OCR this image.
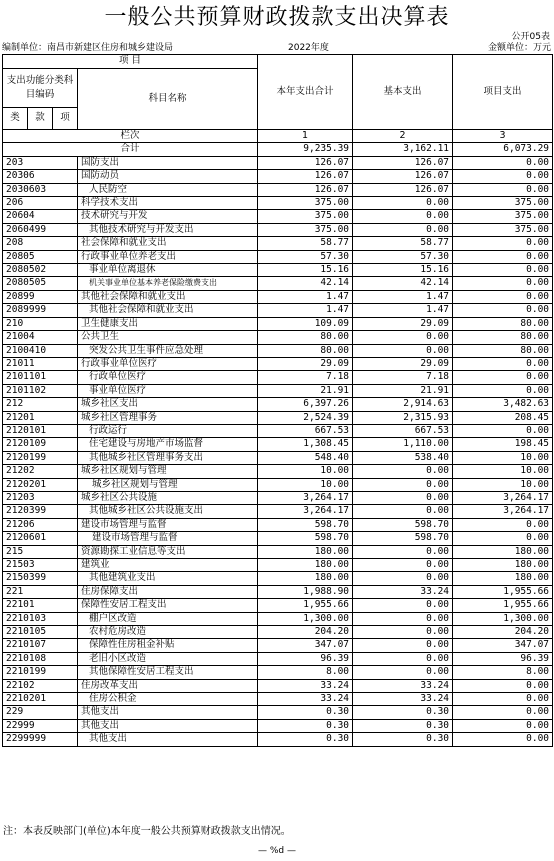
一般公共预算财政拨款支出决算表
公开05表
编制单位：南昌市新建区住房和城乡建设局	2022年度	金额单位：万元
项 目				本年支出合计	基本支出	项目支出
支出功能分类科目编码			科目名称			

类	款	项				
栏次				1	2	3
合计				9,235.39	3,162.11	6,073.29
203			国防支出	126.07	126.07	0.00
20306			国防动员	126.07	126.07	0.00
2030603			人民防空	126.07	126.07	0.00
206			科学技术支出	375.00	0.00	375.00
20604			技术研究与开发	375.00	0.00	375.00
2060499			其他技术研究与开发支出	375.00	0.00	375.00
208			社会保障和就业支出	58.77	58.77	0.00
20805			行政事业单位养老支出	57.30	57.30	0.00
2080502			事业单位离退休	15.16	15.16	0.00
2080505			机关事业单位基本养老保险缴费支出	42.14	42.14	0.00
20899			其他社会保障和就业支出	1.47	1.47	0.00
2089999			其他社会保障和就业支出	1.47	1.47	0.00
210			卫生健康支出	109.09	29.09	80.00
21004			公共卫生	80.00	0.00	80.00
2100410			突发公共卫生事件应急处理	80.00	0.00	80.00
21011			行政事业单位医疗	29.09	29.09	0.00
2101101			行政单位医疗	7.18	7.18	0.00
2101102			事业单位医疗	21.91	21.91	0.00
212			城乡社区支出	6,397.26	2,914.63	3,482.63
21201			城乡社区管理事务	2,524.39	2,315.93	208.45
2120101			行政运行	667.53	667.53	0.00
2120109			住宅建设与房地产市场监督	1,308.45	1,110.00	198.45
2120199			其他城乡社区管理事务支出	548.40	538.40	10.00
21202			城乡社区规划与管理	10.00	0.00	10.00
2120201			城乡社区规划与管理	10.00	0.00	10.00
21203			城乡社区公共设施	3,264.17	0.00	3,264.17
2120399			其他城乡社区公共设施支出	3,264.17	0.00	3,264.17
21206			建设市场管理与监督	598.70	598.70	0.00
2120601			建设市场管理与监督	598.70	598.70	0.00
215			资源勘探工业信息等支出	180.00	0.00	180.00
21503			建筑业	180.00	0.00	180.00
2150399			其他建筑业支出	180.00	0.00	180.00
221			住房保障支出	1,988.90	33.24	1,955.66
22101			保障性安居工程支出	1,955.66	0.00	1,955.66
2210103			棚户区改造	1,300.00	0.00	1,300.00
2210105			农村危房改造	204.20	0.00	204.20
2210107			保障性住房租金补贴	347.07	0.00	347.07
2210108			老旧小区改造	96.39	0.00	96.39
2210199			其他保障性安居工程支出	8.00	0.00	8.00
22102			住房改革支出	33.24	33.24	0.00
2210201			住房公积金	33.24	33.24	0.00
229			其他支出	0.30	0.30	0.00
22999			其他支出	0.30	0.30	0.00
2299999			其他支出	0.30	0.30	0.00
注：本表反映部门(单位)本年度一般公共预算财政拨款支出情况。
— %d —
